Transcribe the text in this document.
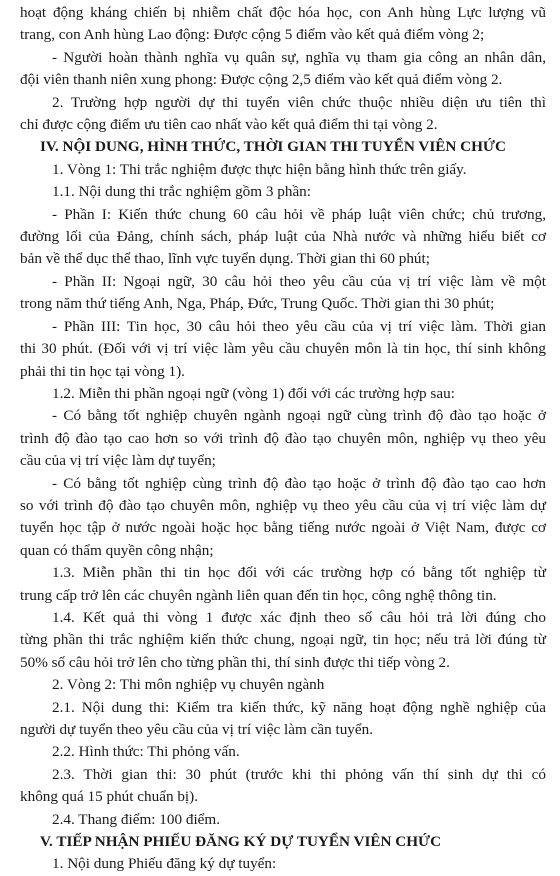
hoạt động kháng chiến bị nhiễm chất độc hóa học, con Anh hùng Lực lượng vũ
trang, con Anh hùng Lao động: Được cộng 5 điểm vào kết quả điểm vòng 2;
- Người hoàn thành nghĩa vụ quân sự, nghĩa vụ tham gia công an nhân dân,
đội viên thanh niên xung phong: Được cộng 2,5 điểm vào kết quả điểm vòng 2.
2. Trường hợp người dự thi tuyển viên chức thuộc nhiều diện ưu tiên thì
chỉ được cộng điểm ưu tiên cao nhất vào kết quả điểm thi tại vòng 2.
IV. NỘI DUNG, HÌNH THỨC, THỜI GIAN THI TUYỂN VIÊN CHỨC
1. Vòng 1: Thi trắc nghiệm được thực hiện bằng hình thức trên giấy.
1.1. Nội dung thi trắc nghiệm gồm 3 phần:
- Phần I: Kiến thức chung 60 câu hỏi về pháp luật viên chức; chủ trương,
đường lối của Đảng, chính sách, pháp luật của Nhà nước và những hiểu biết cơ
bản về thể dục thể thao, lĩnh vực tuyển dụng. Thời gian thi 60 phút;
- Phần II: Ngoại ngữ, 30 câu hỏi theo yêu cầu của vị trí việc làm về một
trong năm thứ tiếng Anh, Nga, Pháp, Đức, Trung Quốc. Thời gian thi 30 phút;
- Phần III: Tin học, 30 câu hỏi theo yêu cầu của vị trí việc làm. Thời gian
thi 30 phút. (Đối với vị trí việc làm yêu cầu chuyên môn là tin học, thí sinh không
phải thi tin học tại vòng 1).
1.2. Miễn thi phần ngoại ngữ (vòng 1) đối với các trường hợp sau:
- Có bằng tốt nghiệp chuyên ngành ngoại ngữ cùng trình độ đào tạo hoặc ở
trình độ đào tạo cao hơn so với trình độ đào tạo chuyên môn, nghiệp vụ theo yêu
cầu của vị trí việc làm dự tuyển;
- Có bằng tốt nghiệp cùng trình độ đào tạo hoặc ở trình độ đào tạo cao hơn
so với trình độ đào tạo chuyên môn, nghiệp vụ theo yêu cầu của vị trí việc làm dự
tuyển học tập ở nước ngoài hoặc học bằng tiếng nước ngoài ở Việt Nam, được cơ
quan có thẩm quyền công nhận;
1.3. Miễn phần thi tin học đối với các trường hợp có bằng tốt nghiệp từ
trung cấp trở lên các chuyên ngành liên quan đến tin học, công nghệ thông tin.
1.4. Kết quả thi vòng 1 được xác định theo số câu hỏi trả lời đúng cho
từng phần thi trắc nghiệm kiến thức chung, ngoại ngữ, tin học; nếu trả lời đúng từ
50% số câu hỏi trở lên cho từng phần thi, thí sinh được thi tiếp vòng 2.
2. Vòng 2: Thi môn nghiệp vụ chuyên ngành
2.1. Nội dung thi: Kiểm tra kiến thức, kỹ năng hoạt động nghề nghiệp của
người dự tuyển theo yêu cầu của vị trí việc làm cần tuyển.
2.2. Hình thức: Thi phỏng vấn.
2.3. Thời gian thi: 30 phút (trước khi thi phỏng vấn thí sinh dự thi có
không quá 15 phút chuẩn bị).
2.4. Thang điểm: 100 điểm.
V. TIẾP NHẬN PHIẾU ĐĂNG KÝ DỰ TUYỂN VIÊN CHỨC
1. Nội dung Phiếu đăng ký dự tuyển:
